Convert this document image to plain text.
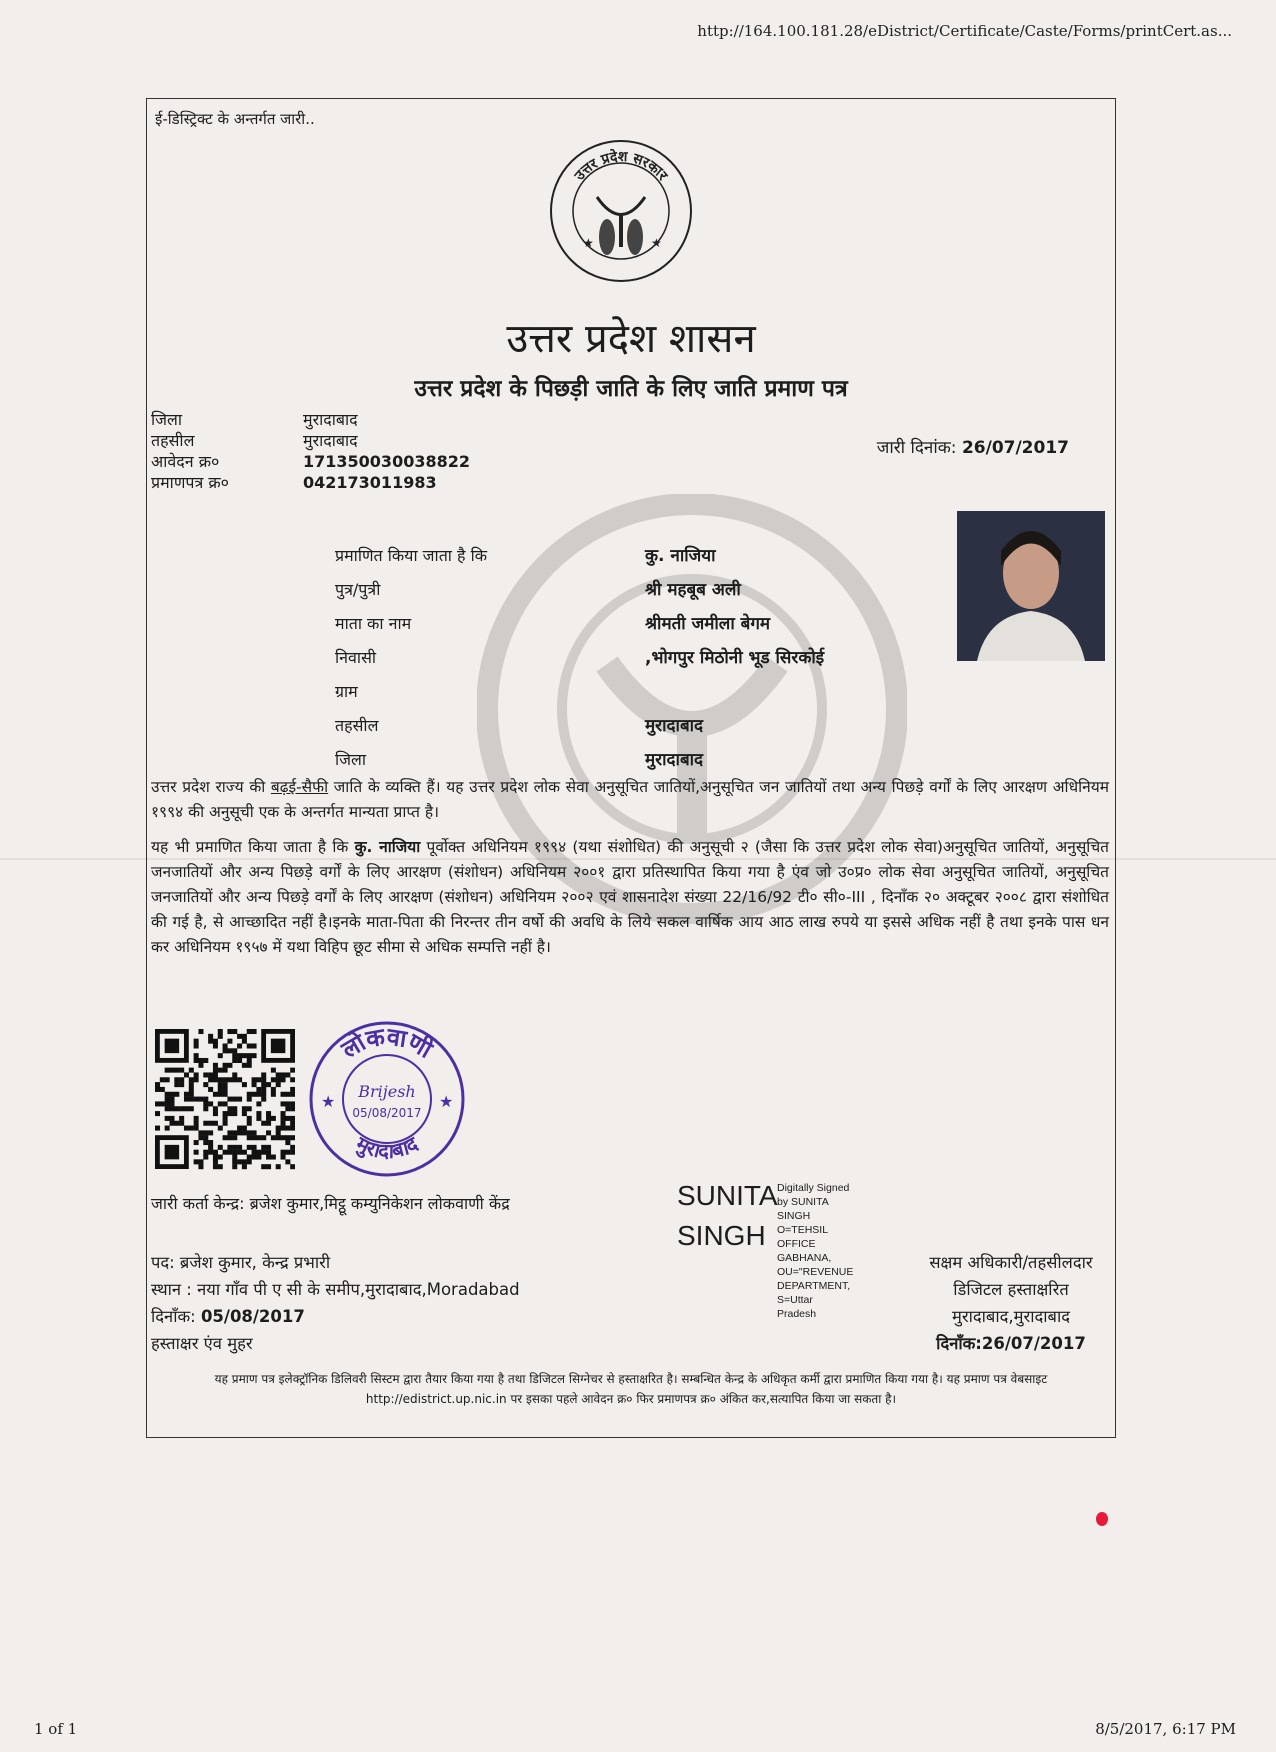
http://164.100.181.28/eDistrict/Certificate/Caste/Forms/printCert.as...
ई-डिस्ट्रिक्ट के अन्तर्गत जारी..
उत्तर प्रदेश सरकार
★	★
उत्तर प्रदेश शासन
उत्तर प्रदेश के पिछड़ी जाति के लिए जाति प्रमाण पत्र
जिला	मुरादाबाद
तहसील	मुरादाबाद
आवेदन क्र०	171350030038822
प्रमाणपत्र क्र०	042173011983
जारी दिनांक: 26/07/2017
प्रमाणित किया जाता है कि	कु. नाजिया
पुत्र/पुत्री	श्री महबूब अली
माता का नाम	श्रीमती जमीला बेगम
निवासी	,भोगपुर मिठोनी भूड सिरकोई
ग्राम
तहसील	मुरादाबाद
जिला	मुरादाबाद
उत्तर प्रदेश राज्य की बढ़ई-सैफी जाति के व्यक्ति हैं। यह उत्तर प्रदेश लोक सेवा अनुसूचित जातियों,अनुसूचित जन जातियों तथा अन्य पिछड़े वर्गों के लिए आरक्षण अधिनियम १९९४ की अनुसूची एक के अन्तर्गत मान्यता प्राप्त है।
यह भी प्रमाणित किया जाता है कि कु. नाजिया पूर्वोक्त अधिनियम १९९४ (यथा संशोधित) की अनुसूची २ (जैसा कि उत्तर प्रदेश लोक सेवा)अनुसूचित जातियों, अनुसूचित जनजातियों और अन्य पिछड़े वर्गों के लिए आरक्षण (संशोधन) अधिनियम २००१ द्वारा प्रतिस्थापित किया गया है एंव जो उ०प्र० लोक सेवा अनुसूचित जातियों, अनुसूचित जनजातियों और अन्य पिछड़े वर्गों के लिए आरक्षण (संशोधन) अधिनियम २००२ एवं शासनादेश संख्या 22/16/92 टी० सी०-III , दिनाँक २० अक्टूबर २००८ द्वारा संशोधित की गई है, से आच्छादित नहीं है।इनके माता-पिता की निरन्तर तीन वर्षो की अवधि के लिये सकल वार्षिक आय आठ लाख रुपये या इससे अधिक नहीं है तथा इनके पास धन कर अधिनियम १९५७ में यथा विहिप छूट सीमा से अधिक सम्पत्ति नहीं है।
लोकवाणी
मुरादाबाद
Brijesh
05/08/2017
★	★
जारी कर्ता केन्द्र: ब्रजेश कुमार,मिट्ठू कम्युनिकेशन लोकवाणी केंद्र	SUNITA
SINGH
Digitally Signed
by SUNITA
SINGH
O=TEHSIL
OFFICE
GABHANA,
OU="REVENUE
DEPARTMENT,
S=Uttar
Pradesh
पद: ब्रजेश कुमार, केन्द्र प्रभारी
स्थान : नया गाँव पी ए सी के समीप,मुरादाबाद,Moradabad
दिनाँक: 05/08/2017
हस्ताक्षर एंव मुहर
सक्षम अधिकारी/तहसीलदार
डिजिटल हस्ताक्षरित
मुरादाबाद,मुरादाबाद
दिनाँक:26/07/2017
यह प्रमाण पत्र इलेक्ट्रॉनिक डिलिवरी सिस्टम द्वारा तैयार किया गया है तथा डिजिटल सिग्नेचर से हस्ताक्षरित है। सम्बन्धित केन्द्र के अधिकृत कर्मी द्वारा प्रमाणित किया गया है। यह प्रमाण पत्र वेबसाइट http://edistrict.up.nic.in पर इसका पहले आवेदन क्र० फिर प्रमाणपत्र क्र० अंकित कर,सत्यापित किया जा सकता है।
1 of 1	8/5/2017, 6:17 PM
